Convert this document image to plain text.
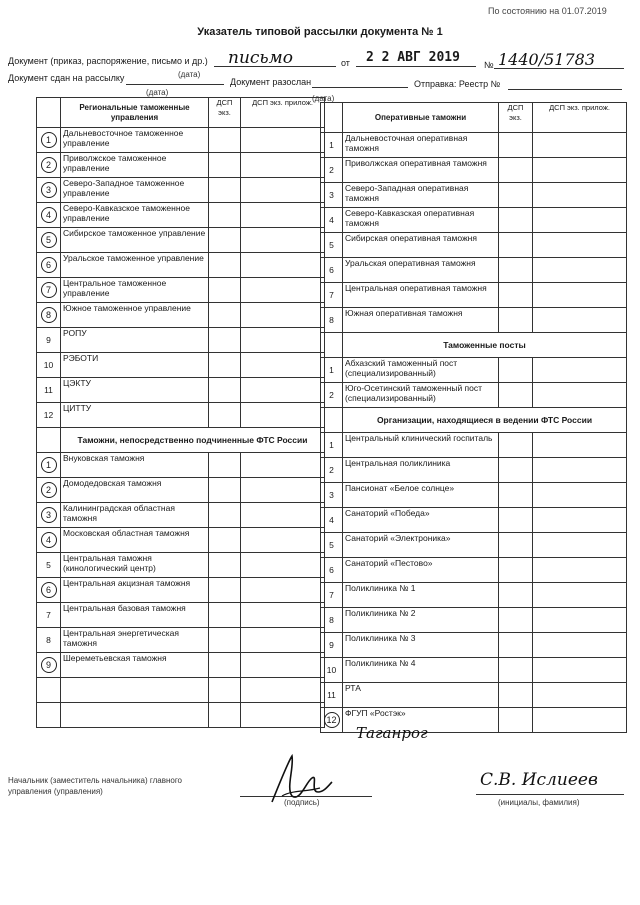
По состоянию на 01.07.2019
Указатель типовой рассылки документа № 1
Документ (приказ, распоряжение, письмо и др.) письмо	от 2 2 АВГ 2019	№ 1440/51783
(дата)
Документ сдан на рассылку	Документ разослан	Отправка: Реестр №
(дата)
(дата)
	Региональные таможенные управления	ДСП экз.	ДСП экз. прилож.
1	Дальневосточное таможенное управление		
2	Приволжское таможенное управление		
3	Северо-Западное таможенное управление		
4	Северо-Кавказское таможенное управление		
5	Сибирское таможенное управление		
6	Уральское таможенное управление		
7	Центральное таможенное управление		
8	Южное таможенное управление		
9	РОПУ		
10	РЭБОТИ		
11	ЦЭКТУ		
12	ЦИТТУ		
	Таможни, непосредственно подчиненные ФТС России		
1	Внуковская таможня		
2	Домодедовская таможня		
3	Калининградская областная таможня		
4	Московская областная таможня		
5	Центральная таможня (кинологический центр)		
6	Центральная акцизная таможня		
7	Центральная базовая таможня		
8	Центральная энергетическая таможня		
9	Шереметьевская таможня		

	Оперативные таможни	ДСП экз.	ДСП экз. прилож.
1	Дальневосточная оперативная таможня		
2	Приволжская оперативная таможня		
3	Северо-Западная оперативная таможня		
4	Северо-Кавказская оперативная таможня		
5	Сибирская оперативная таможня		
6	Уральская оперативная таможня		
7	Центральная оперативная таможня		
8	Южная оперативная таможня		
	Таможенные посты		
1	Абхазский таможенный пост (специализированный)		
2	Юго-Осетинский таможенный пост (специализированный)		
	Организации, находящиеся в ведении ФТС России		
1	Центральный клинический госпиталь		
2	Центральная поликлиника		
3	Пансионат «Белое солнце»		
4	Санаторий «Победа»		
5	Санаторий «Электроника»		
6	Санаторий «Пестово»		
7	Поликлиника № 1		
8	Поликлиника № 2		
9	Поликлиника № 3		
10	Поликлиника № 4		
11	РТА		
12	ФГУП «Ростэк»		
Таганрог
Начальник (заместитель начальника) главного управления (управления)
(подпись)
С.В. Ислиеев
(инициалы, фамилия)
